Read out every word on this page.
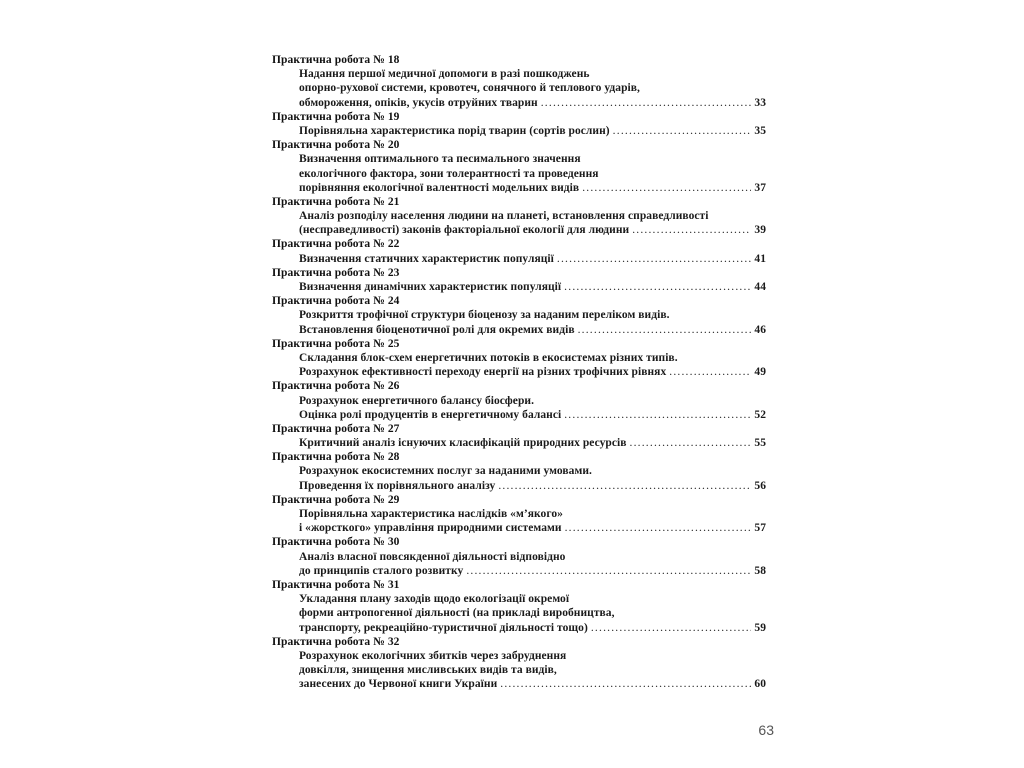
Практична робота № 18
Надання першої медичної допомоги в разі пошкоджень
опорно-рухової системи, кровотеч, сонячного й теплового ударів,
обмороження, опіків, укусів отруйних тварин .....	33
Практична робота № 19
Порівняльна характеристика порід тварин (сортів рослин) .....	35
Практична робота № 20
Визначення оптимального та песимального значення
екологічного фактора, зони толерантності та проведення
порівняння екологічної валентності модельних видів .....	37
Практична робота № 21
Аналіз розподілу населення людини на планеті, встановлення справедливості
(несправедливості) законів факторіальної екології для людини .....	39
Практична робота № 22
Визначення статичних характеристик популяції .....	41
Практична робота № 23
Визначення динамічних характеристик популяції .....	44
Практична робота № 24
Розкриття трофічної структури біоценозу за наданим переліком видів.
Встановлення біоценотичної ролі для окремих видів .....	46
Практична робота № 25
Складання блок-схем енергетичних потоків в екосистемах різних типів.
Розрахунок ефективності переходу енергії на різних трофічних рівнях .....	49
Практична робота № 26
Розрахунок енергетичного балансу біосфери.
Оцінка ролі продуцентів в енергетичному балансі .....	52
Практична робота № 27
Критичний аналіз існуючих класифікацій природних ресурсів .....	55
Практична робота № 28
Розрахунок екосистемних послуг за наданими умовами.
Проведення їх порівняльного аналізу .....	56
Практична робота № 29
Порівняльна характеристика наслідків «м’якого»
і «жорсткого» управління природними системами .....	57
Практична робота № 30
Аналіз власної повсякденної діяльності відповідно
до принципів сталого розвитку .....	58
Практична робота № 31
Укладання плану заходів щодо екологізації окремої
форми антропогенної діяльності (на прикладі виробництва,
транспорту, рекреаційно-туристичної діяльності тощо) .....	59
Практична робота № 32
Розрахунок екологічних збитків через забруднення
довкілля, знищення мисливських видів та видів,
занесених до Червоної книги України .....	60
63
